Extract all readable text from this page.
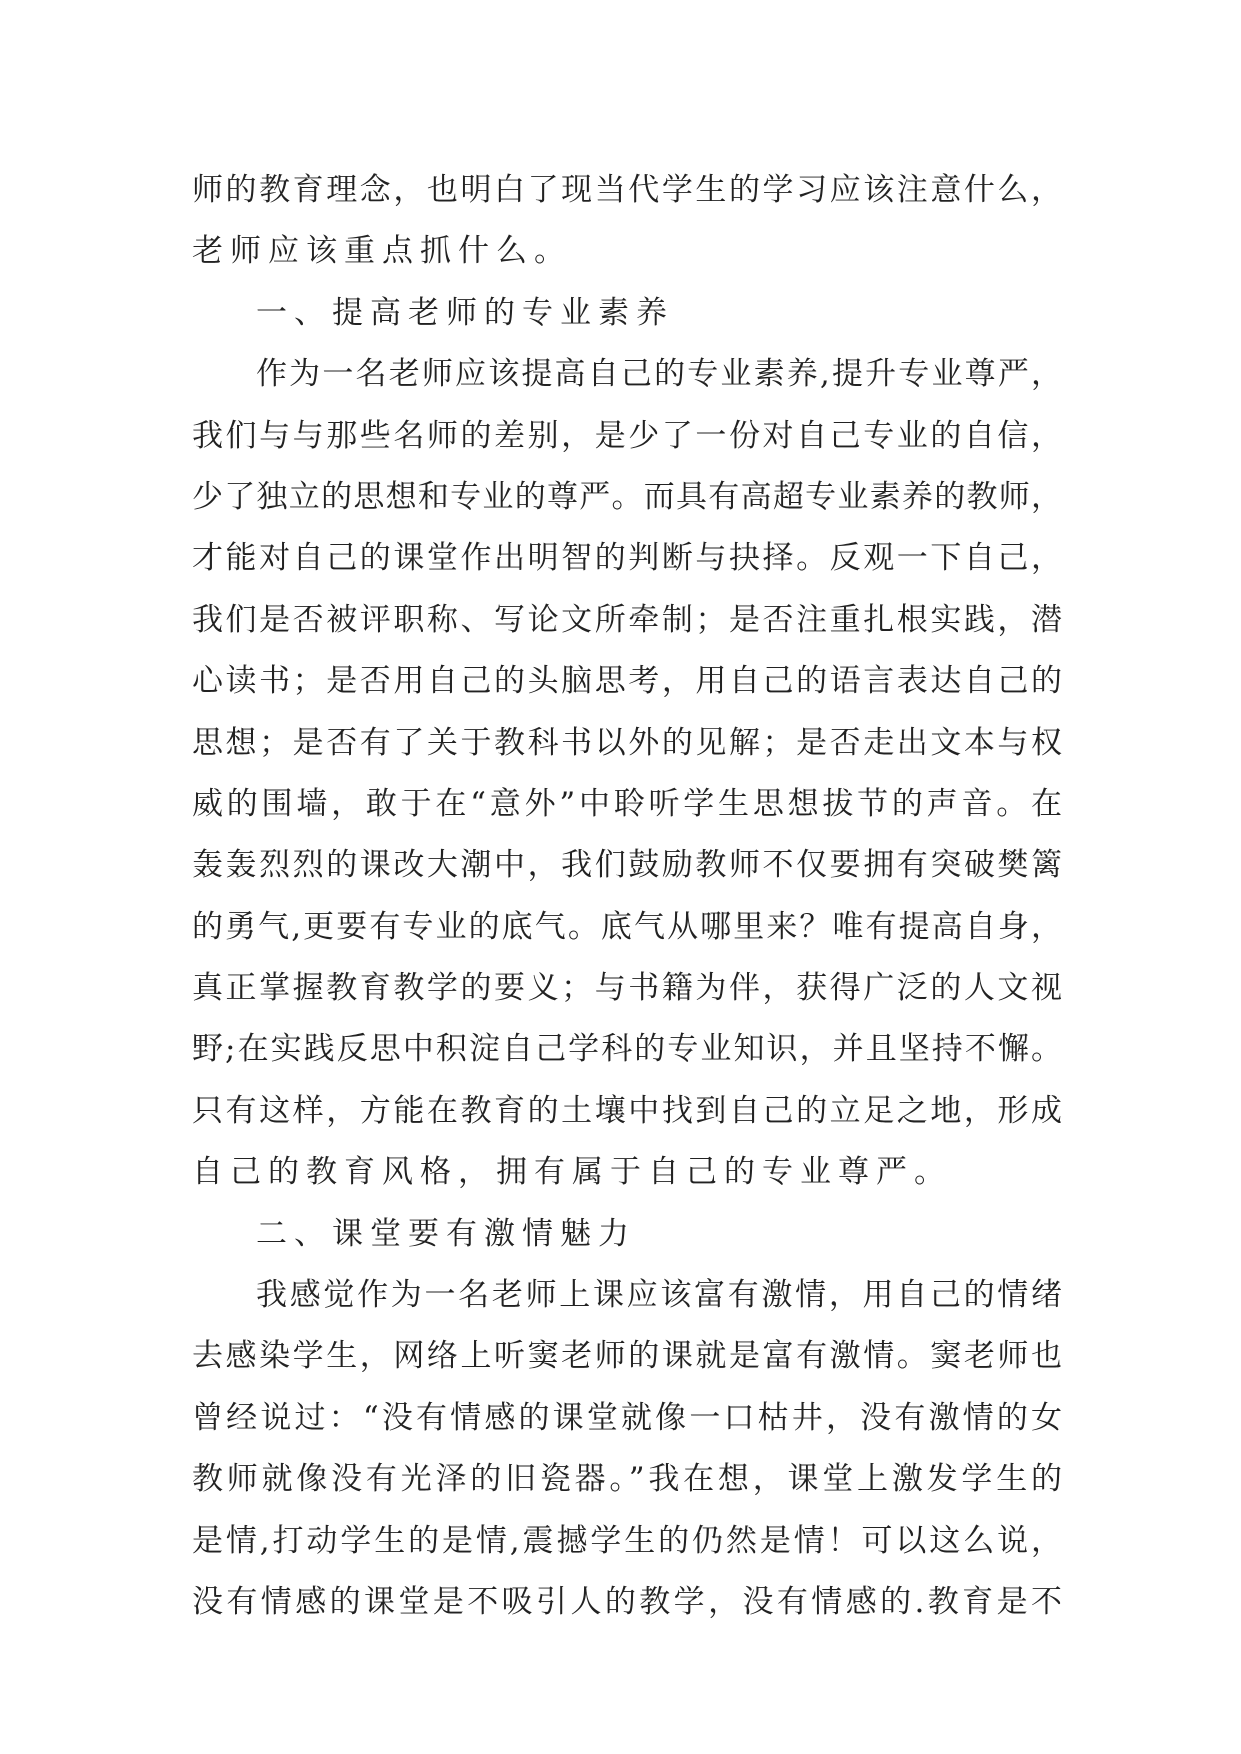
师的教育理念，也明白了现当代学生的学习应该注意什么，
老师应该重点抓什么。
一、提高老师的专业素养
作为一名老师应该提高自己的专业素养,提升专业尊严，
我们与与那些名师的差别，是少了一份对自己专业的自信，
少了独立的思想和专业的尊严。而具有高超专业素养的教师，
才能对自己的课堂作出明智的判断与抉择。反观一下自己，
我们是否被评职称、写论文所牵制；是否注重扎根实践，潜
心读书；是否用自己的头脑思考，用自己的语言表达自己的
思想；是否有了关于教科书以外的见解；是否走出文本与权
威的围墙，敢于在“意外”中聆听学生思想拔节的声音。在
轰轰烈烈的课改大潮中，我们鼓励教师不仅要拥有突破樊篱
的勇气,更要有专业的底气。底气从哪里来？唯有提高自身，
真正掌握教育教学的要义；与书籍为伴，获得广泛的人文视
野;在实践反思中积淀自己学科的专业知识，并且坚持不懈。
只有这样，方能在教育的土壤中找到自己的立足之地，形成
自己的教育风格，拥有属于自己的专业尊严。
二、课堂要有激情魅力
我感觉作为一名老师上课应该富有激情，用自己的情绪
去感染学生，网络上听窦老师的课就是富有激情。窦老师也
曾经说过：“没有情感的课堂就像一口枯井，没有激情的女
教师就像没有光泽的旧瓷器。”我在想，课堂上激发学生的
是情,打动学生的是情,震撼学生的仍然是情！可以这么说，
没有情感的课堂是不吸引人的教学，没有情感的.教育是不
